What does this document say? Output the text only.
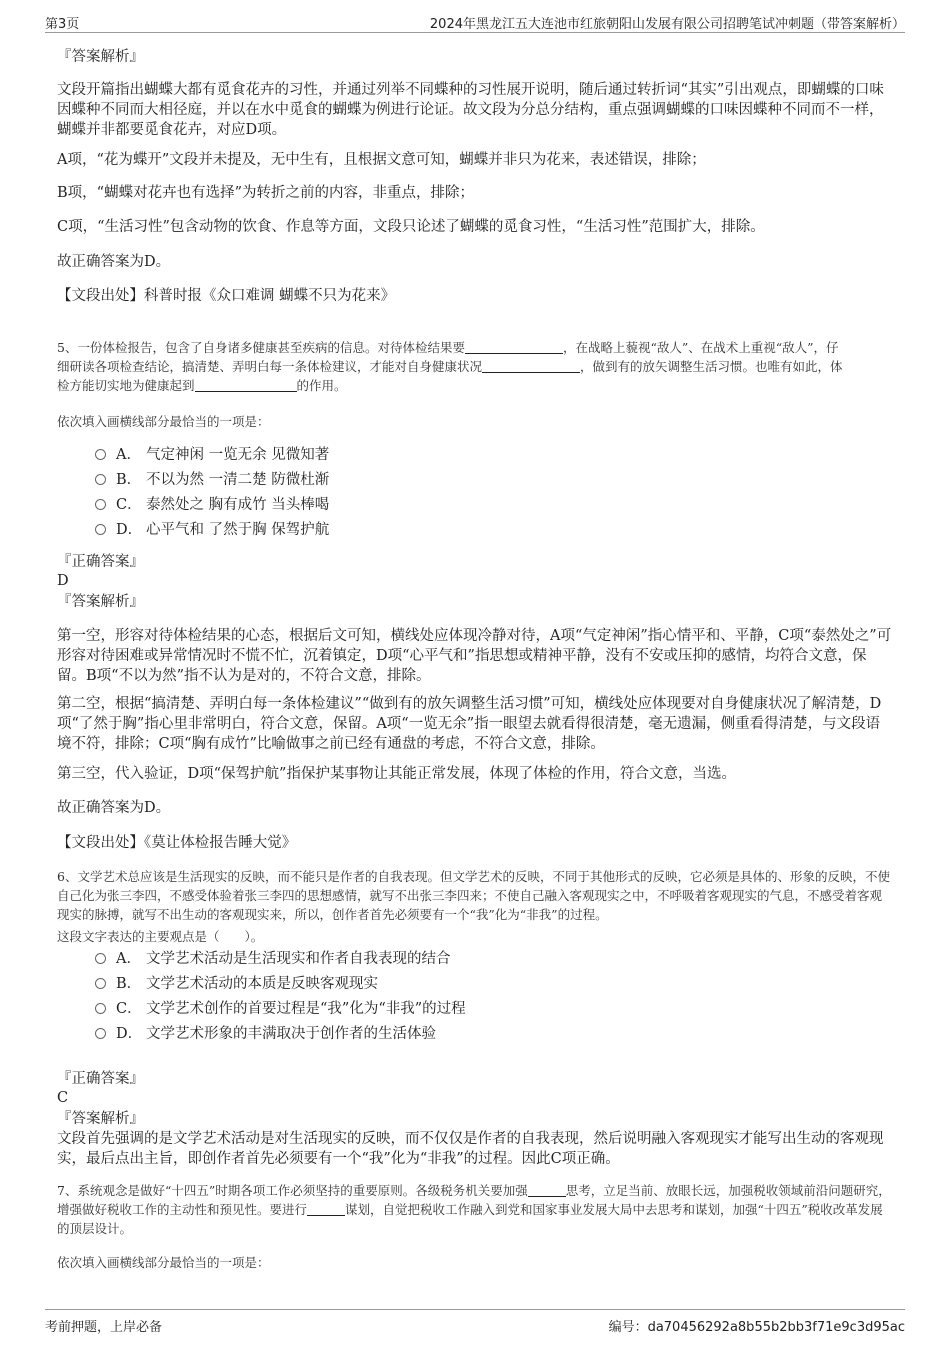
第3页	2024年黑龙江五大连池市红旅朝阳山发展有限公司招聘笔试冲刺题（带答案解析）

『答案解析』

文段开篇指出蝴蝶大都有觅食花卉的习性，并通过列举不同蝶种的习性展开说明，随后通过转折词“其实”引出观点，即蝴蝶的口味因蝶种不同而大相径庭，并以在水中觅食的蝴蝶为例进行论证。故文段为分总分结构，重点强调蝴蝶的口味因蝶种不同而不一样，蝴蝶并非都要觅食花卉，对应D项。

A项，“花为蝶开”文段并未提及，无中生有，且根据文意可知，蝴蝶并非只为花来，表述错误，排除；

B项，“蝴蝶对花卉也有选择”为转折之前的内容，非重点，排除；

C项，“生活习性”包含动物的饮食、作息等方面，文段只论述了蝴蝶的觅食习性，“生活习性”范围扩大，排除。

故正确答案为D。

【文段出处】科普时报《众口难调 蝴蝶不只为花来》

5、一份体检报告，包含了自身诸多健康甚至疾病的信息。对待体检结果要	，在战略上藐视“敌人”、在战术上重视“敌人”，仔
细研读各项检查结论，搞清楚、弄明白每一条体检建议，才能对自身健康状况	，做到有的放矢调整生活习惯。也唯有如此，体
检方能切实地为健康起到	的作用。

依次填入画横线部分最恰当的一项是：

A． 气定神闲 一览无余 见微知著
B． 不以为然 一清二楚 防微杜渐
C． 泰然处之 胸有成竹 当头棒喝
D． 心平气和 了然于胸 保驾护航

『正确答案』

D

『答案解析』

第一空，形容对待体检结果的心态，根据后文可知，横线处应体现冷静对待，A项“气定神闲”指心情平和、平静，C项“泰然处之”可形容对待困难或异常情况时不慌不忙，沉着镇定，D项“心平气和”指思想或精神平静，没有不安或压抑的感情，均符合文意，保留。B项“不以为然”指不认为是对的，不符合文意，排除。

第二空，根据“搞清楚、弄明白每一条体检建议”“做到有的放矢调整生活习惯”可知，横线处应体现要对自身健康状况了解清楚，D项“了然于胸”指心里非常明白，符合文意，保留。A项“一览无余”指一眼望去就看得很清楚，毫无遗漏，侧重看得清楚，与文段语境不符，排除；C项“胸有成竹”比喻做事之前已经有通盘的考虑，不符合文意，排除。

第三空，代入验证，D项“保驾护航”指保护某事物让其能正常发展，体现了体检的作用，符合文意，当选。

故正确答案为D。

【文段出处】《莫让体检报告睡大觉》

6、文学艺术总应该是生活现实的反映，而不能只是作者的自我表现。但文学艺术的反映，不同于其他形式的反映，它必须是具体的、形象的反映，不使自己化为张三李四，不感受体验着张三李四的思想感情，就写不出张三李四来；不使自己融入客观现实之中，不呼吸着客观现实的气息，不感受着客观现实的脉搏，就写不出生动的客观现实来，所以，创作者首先必须要有一个“我”化为“非我”的过程。

这段文字表达的主要观点是（　　）。

A． 文学艺术活动是生活现实和作者自我表现的结合
B． 文学艺术活动的本质是反映客观现实
C． 文学艺术创作的首要过程是“我”化为“非我”的过程
D． 文学艺术形象的丰满取决于创作者的生活体验

『正确答案』

C

『答案解析』

文段首先强调的是文学艺术活动是对生活现实的反映，而不仅仅是作者的自我表现，然后说明融入客观现实才能写出生动的客观现实，最后点出主旨，即创作者首先必须要有一个“我”化为“非我”的过程。因此C项正确。

7、系统观念是做好“十四五”时期各项工作必须坚持的重要原则。各级税务机关要加强	思考，立足当前、放眼长远，加强税收领域前沿问题研究，增强做好税收工作的主动性和预见性。要进行	谋划，自觉把税收工作融入到党和国家事业发展大局中去思考和谋划，加强“十四五”税收改革发展的顶层设计。

依次填入画横线部分最恰当的一项是：

考前押题，上岸必备	编号：da70456292a8b55b2bb3f71e9c3d95ac
